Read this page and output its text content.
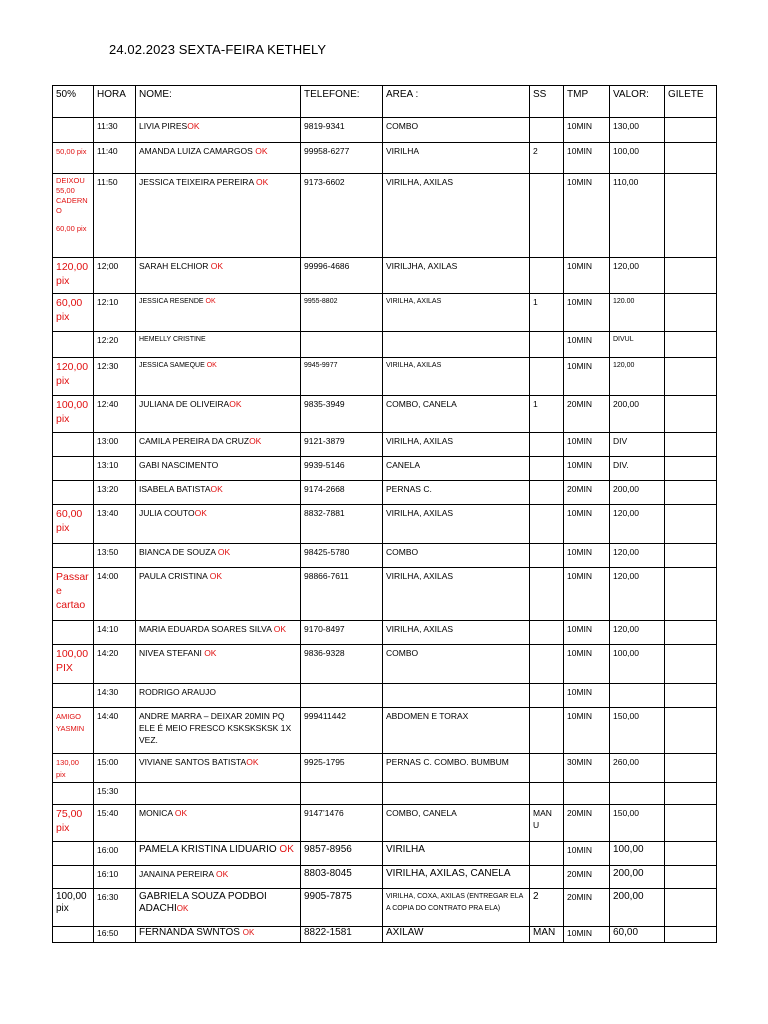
24.02.2023 SEXTA-FEIRA KETHELY
50%	HORA	NOME:	TELEFONE:	AREA :	SS	TMP	VALOR:	GILETE
	11:30	LIVIA PIRESOK	9819-9341	COMBO		10MIN	130,00	
50,00 pix	11:40	AMANDA LUIZA CAMARGOS OK	99958-6277	VIRILHA	2	10MIN	100,00	

DEIXOU 55,00 CADERNO
60,00 pix	11:50	JESSICA TEIXEIRA PEREIRA OK	9173-6602	VIRILHA, AXILAS		10MIN	110,00	
120,00 pix	12;00	SARAH ELCHIOR OK	99996-4686	VIRILJHA, AXILAS		10MIN	120,00	
60,00 pix	12:10	JESSICA RESENDE OK	9955-8802	VIRILHA, AXILAS	1	10MIN	120.00	
	12:20	HEMELLY CRISTINE				10MIN	DIVUL	
120,00 pix	12:30	JESSICA SAMEQUE OK	9945-9977	VIRILHA, AXILAS		10MIN	120,00	
100,00 pix	12:40	JULIANA DE OLIVEIRAOK	9835-3949	COMBO, CANELA	1	20MIN	200,00	
	13:00	CAMILA PEREIRA DA CRUZOK	9121-3879	VIRILHA, AXILAS		10MIN	DIV	
	13:10	GABI NASCIMENTO	9939-5146	CANELA		10MIN	DIV.	
	13:20	ISABELA BATISTAOK	9174-2668	PERNAS C.		20MIN	200,00	
60,00 pix	13:40	JULIA COUTOOK	8832-7881	VIRILHA, AXILAS		10MIN	120,00	
	13:50	BIANCA DE SOUZA OK	98425-5780	COMBO		10MIN	120,00	
Passar e cartao	14:00	PAULA CRISTINA OK	98866-7611	VIRILHA, AXILAS		10MIN	120,00	
	14:10	MARIA EDUARDA SOARES SILVA OK	9170-8497	VIRILHA, AXILAS		10MIN	120,00	
100,00 PIX	14:20	NIVEA STEFANI OK	9836-9328	COMBO		10MIN	100,00	
	14:30	RODRIGO ARAUJO				10MIN		
AMIGO YASMIN	14:40	ANDRE MARRA – DEIXAR 20MIN PQ ELE É MEIO FRESCO KSKSKSKSK 1X VEZ.	999411442	ABDOMEN E TORAX		10MIN	150,00	
130,00 pix	15:00	VIVIANE SANTOS BATISTAOK	9925-1795	PERNAS C. COMBO. BUMBUM		30MIN	260,00	
	15:30							
75,00 pix	15:40	MONICA OK	9147’1476	COMBO, CANELA	MAN U	20MIN	150,00	
	16:00	PAMELA KRISTINA LIDUARIO OK	9857-8956	VIRILHA		10MIN	100,00	
	16:10	JANAINA PEREIRA OK	8803-8045	VIRILHA, AXILAS, CANELA		20MIN	200,00	
100,00pix	16:30	GABRIELA SOUZA PODBOI ADACHIOK	9905-7875	VIRILHA, COXA, AXILAS (ENTREGAR ELA A COPIA DO CONTRATO PRA ELA)	2	20MIN	200,00	
	16:50	FERNANDA SWNTOS OK	8822-1581	AXILAW	MAN	10MIN	60,00	
